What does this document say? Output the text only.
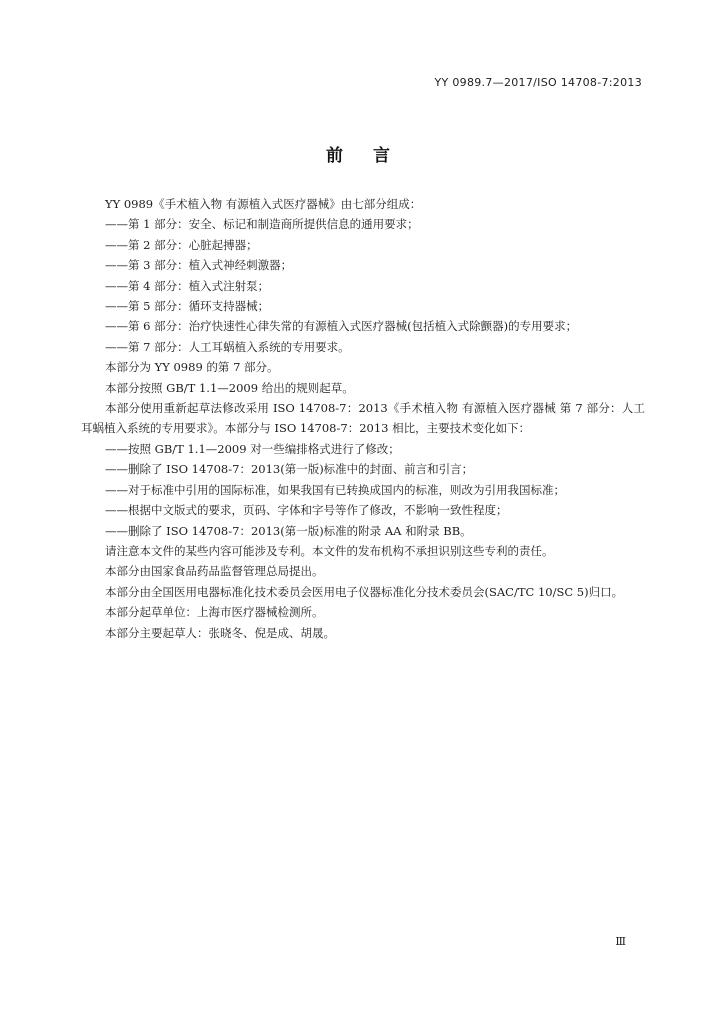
YY 0989.7—2017/ISO 14708-7:2013
前言

YY 0989《手术植入物 有源植入式医疗器械》由七部分组成：

——第 1 部分：安全、标记和制造商所提供信息的通用要求；

——第 2 部分：心脏起搏器；

——第 3 部分：植入式神经刺激器；

——第 4 部分：植入式注射泵；

——第 5 部分：循环支持器械；

——第 6 部分：治疗快速性心律失常的有源植入式医疗器械(包括植入式除颤器)的专用要求；

——第 7 部分：人工耳蜗植入系统的专用要求。

本部分为 YY 0989 的第 7 部分。

本部分按照 GB/T 1.1—2009 给出的规则起草。

本部分使用重新起草法修改采用 ISO 14708-7：2013《手术植入物 有源植入医疗器械 第 7 部分：人工耳蜗植入系统的专用要求》。本部分与 ISO 14708-7：2013 相比，主要技术变化如下：

——按照 GB/T 1.1—2009 对一些编排格式进行了修改；

——删除了 ISO 14708-7：2013(第一版)标准中的封面、前言和引言；

——对于标准中引用的国际标准，如果我国有已转换成国内的标准，则改为引用我国标准；

——根据中文版式的要求，页码、字体和字号等作了修改，不影响一致性程度；

——删除了 ISO 14708-7：2013(第一版)标准的附录 AA 和附录 BB。

请注意本文件的某些内容可能涉及专利。本文件的发布机构不承担识别这些专利的责任。

本部分由国家食品药品监督管理总局提出。

本部分由全国医用电器标准化技术委员会医用电子仪器标准化分技术委员会(SAC/TC 10/SC 5)归口。

本部分起草单位：上海市医疗器械检测所。

本部分主要起草人：张晓冬、倪是成、胡晟。

Ⅲ
